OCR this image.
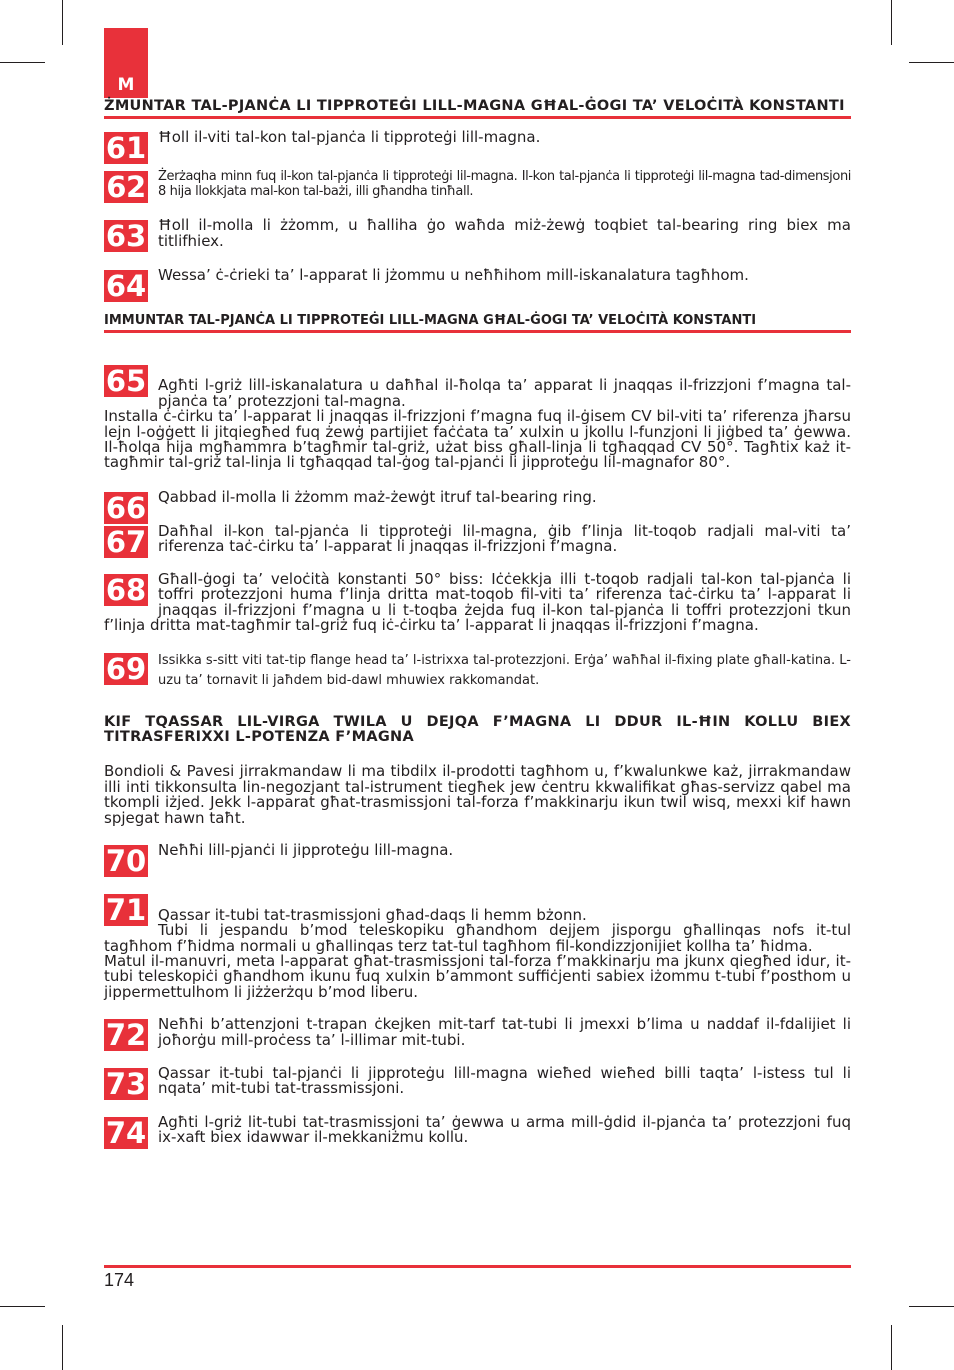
M
ŻMUNTAR TAL-PJANĊA LI TIPPROTEĠI LILL-MAGNA GĦAL-ĠOGI TA’ VELOĊITÀ KONSTANTI
61 Ħoll il-viti tal-kon tal-pjanċa li tipproteġi lill-magna.
62 Żerżaqha minn fuq il-kon tal-pjanċa li tipproteġi lil-magna. Il-kon tal-pjanċa li tipproteġi lil-magna tad-dimensjoni 8 hija llokkjata mal-kon tal-bażi, illi għandha tinħall.
63 Ħoll il-molla li żżomm, u ħalliha ġo waħda miż-żewġ toqbiet tal-bearing ring biex ma titlifhiex.
64 Wessa’ ċ-ċrieki ta’ l-apparat li jżommu u neħħihom mill-iskanalatura tagħhom.
IMMUNTAR TAL-PJANĊA LI TIPPROTEĠI LILL-MAGNA GĦAL-ĠOGI TA’ VELOĊITÀ KONSTANTI

65 Agħti l-griż lill-iskanalatura u daħħal il-ħolqa ta’ apparat li jnaqqas il-frizzjoni f’magna tal-pjanċa ta’ protezzjoni tal-magna.
Installa ċ-ċirku ta’ l-apparat li jnaqqas il-frizzjoni f’magna fuq il-ġisem CV bil-viti ta’ riferenza jħarsu lejn l-oġġett li jitqiegħed fuq żewġ partijiet faċċata ta’ xulxin u jkollu l-funzjoni li jiġbed ta’ ġewwa. Il-ħolqa hija mgħammra b’tagħmir tal-griż, użat biss għall-linja li tgħaqqad CV 50°. Tagħtix każ it-tagħmir tal-griż tal-linja li tgħaqqad tal-ġog tal-pjanċi li jipproteġu lil-magnafor 80°.

66 Qabbad il-molla li żżomm maż-żewġt itruf tal-bearing ring.
67 Daħħal il-kon tal-pjanċa li tipproteġi lil-magna, ġib f’linja lit-toqob radjali mal-viti ta’ riferenza taċ-ċirku ta’ l-apparat li jnaqqas il-frizzjoni f’magna.
68 Għall-ġogi ta’ veloċità konstanti 50° biss: Iċċekkja illi t-toqob radjali tal-kon tal-pjanċa li toffri protezzjoni huma f’linja dritta mat-toqob fil-viti ta’ riferenza taċ-ċirku ta’ l-apparat li jnaqqas il-frizzjoni f’magna u li t-toqba żejda fuq il-kon tal-pjanċa li toffri protezzjoni tkun f’linja dritta mat-tagħmir tal-griż fuq iċ-ċirku ta’ l-apparat li jnaqqas il-frizzjoni f’magna.
69 Issikka s-sitt viti tat-tip flange head ta’ l-istrixxa tal-protezzjoni. Erġa’ waħħal il-fixing plate għall-katina. L-uzu ta’ tornavit li jaħdem bid-dawl mhuwiex rakkomandat.
KIF TQASSAR LIL-VIRGA TWILA U DEJQA F’MAGNA LI DDUR IL-ĦIN KOLLU BIEX TITRASFERIXXI L-POTENZA F’MAGNA
Bondioli & Pavesi jirrakmandaw li ma tibdilx il-prodotti tagħhom u, f’kwalunkwe każ, jirrakmandaw illi inti tikkonsulta lin-negozjant tal-istrument tiegħek jew ċentru kkwalifikat għas-servizz qabel ma tkompli iżjed. Jekk l-apparat għat-trasmissjoni tal-forza f’makkinarju ikun twil wisq, mexxi kif hawn spjegat hawn taħt.
70 Neħħi lill-pjanċi li jipproteġu lill-magna.

71 Qassar it-tubi tat-trasmissjoni għad-daqs li hemm bżonn.
Tubi li jespandu b’mod teleskopiku għandhom dejjem jisporgu għallinqas nofs it-tul tagħhom f’ħidma normali u għallinqas terz tat-tul tagħhom fil-kondizzjonijiet kollha ta’ ħidma.
Matul il-manuvri, meta l-apparat għat-trasmissjoni tal-forza f’makkinarju ma jkunx qiegħed idur, it-tubi teleskopiċi għandhom ikunu fuq xulxin b’ammont suffiċjenti sabiex iżommu t-tubi f’posthom u jippermettulhom li jiżżerżqu b’mod liberu.

72 Neħħi b’attenzjoni t-trapan ċkejken mit-tarf tat-tubi li jmexxi b’lima u naddaf il-fdalijiet li joħorġu mill-proċess ta’ l-illimar mit-tubi.
73 Qassar it-tubi tal-pjanċi li jipproteġu lill-magna wieħed wieħed billi taqta’ l-istess tul li nqata’ mit-tubi tat-trassmissjoni.
74 Agħti l-griż lit-tubi tat-trasmissjoni ta’ ġewwa u arma mill-ġdid il-pjanċa ta’ protezzjoni fuq ix-xaft biex idawwar il-mekkaniżmu kollu.
174
